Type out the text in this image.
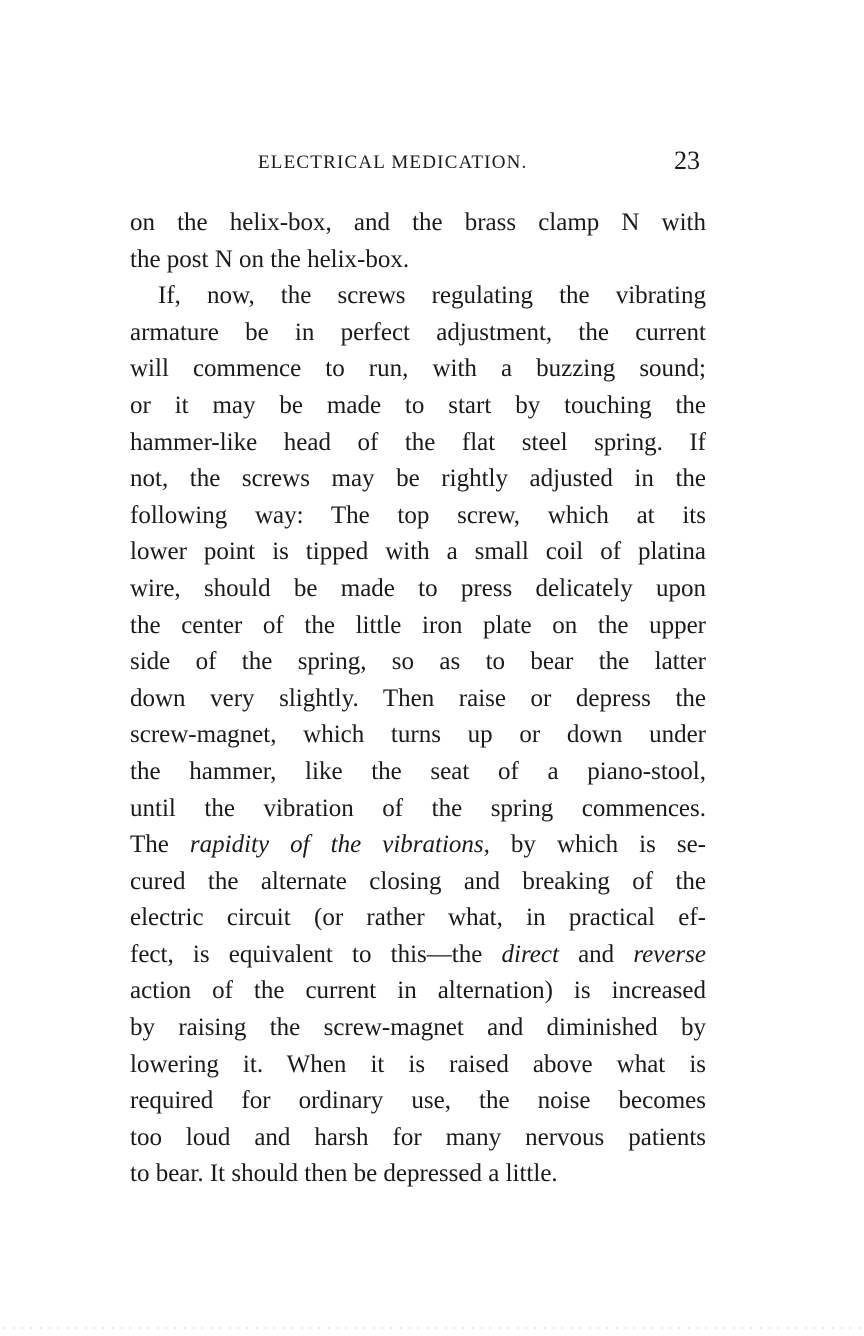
ELECTRICAL MEDICATION.	23
on the helix-box, and the brass clamp N with
the post N on the helix-box.
If, now, the screws regulating the vibrating
armature be in perfect adjustment, the current
will commence to run, with a buzzing sound;
or it may be made to start by touching the
hammer-like head of the flat steel spring. If
not, the screws may be rightly adjusted in the
following way: The top screw, which at its
lower point is tipped with a small coil of platina
wire, should be made to press delicately upon
the center of the little iron plate on the upper
side of the spring, so as to bear the latter
down very slightly. Then raise or depress the
screw-magnet, which turns up or down under
the hammer, like the seat of a piano-stool,
until the vibration of the spring commences.
The rapidity of the vibrations, by which is se-
cured the alternate closing and breaking of the
electric circuit (or rather what, in practical ef-
fect, is equivalent to this—the direct and reverse
action of the current in alternation) is increased
by raising the screw-magnet and diminished by
lowering it. When it is raised above what is
required for ordinary use, the noise becomes
too loud and harsh for many nervous patients
to bear. It should then be depressed a little.
